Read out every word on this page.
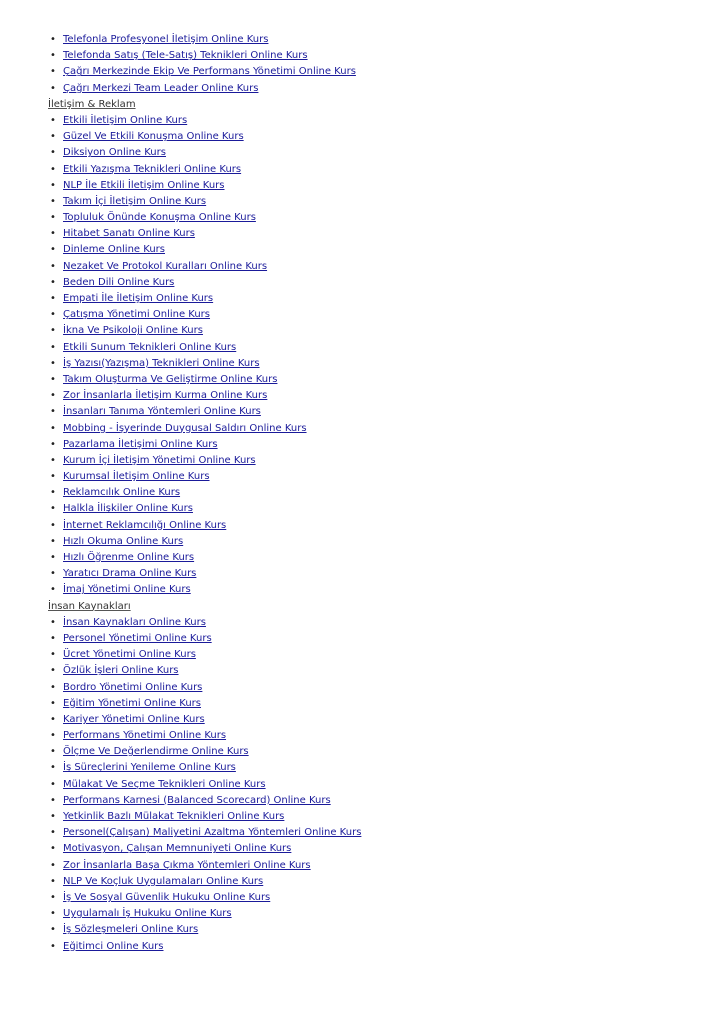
• Telefonla Profesyonel İletişim Online Kurs
• Telefonda Satış (Tele-Satış) Teknikleri Online Kurs
• Çağrı Merkezinde Ekip Ve Performans Yönetimi Online Kurs
• Çağrı Merkezi Team Leader Online Kurs
İletişim & Reklam
• Etkili İletişim Online Kurs
• Güzel Ve Etkili Konuşma Online Kurs
• Diksiyon Online Kurs
• Etkili Yazışma Teknikleri Online Kurs
• NLP İle Etkili İletişim Online Kurs
• Takım İçi İletişim Online Kurs
• Topluluk Önünde Konuşma Online Kurs
• Hitabet Sanatı Online Kurs
• Dinleme Online Kurs
• Nezaket Ve Protokol Kuralları Online Kurs
• Beden Dili Online Kurs
• Empati İle İletişim Online Kurs
• Çatışma Yönetimi Online Kurs
• İkna Ve Psikoloji Online Kurs
• Etkili Sunum Teknikleri Online Kurs
• İş Yazısı(Yazışma) Teknikleri Online Kurs
• Takım Oluşturma Ve Geliştirme Online Kurs
• Zor İnsanlarla İletişim Kurma Online Kurs
• İnsanları Tanıma Yöntemleri Online Kurs
• Mobbing - İşyerinde Duygusal Saldırı Online Kurs
• Pazarlama İletişimi Online Kurs
• Kurum İçi İletişim Yönetimi Online Kurs
• Kurumsal İletişim Online Kurs
• Reklamcılık Online Kurs
• Halkla İlişkiler Online Kurs
• İnternet Reklamcılığı Online Kurs
• Hızlı Okuma Online Kurs
• Hızlı Öğrenme Online Kurs
• Yaratıcı Drama Online Kurs
• İmaj Yönetimi Online Kurs
İnsan Kaynakları
• İnsan Kaynakları Online Kurs
• Personel Yönetimi Online Kurs
• Ücret Yönetimi Online Kurs
• Özlük İşleri Online Kurs
• Bordro Yönetimi Online Kurs
• Eğitim Yönetimi Online Kurs
• Kariyer Yönetimi Online Kurs
• Performans Yönetimi Online Kurs
• Ölçme Ve Değerlendirme Online Kurs
• İş Süreçlerini Yenileme Online Kurs
• Mülakat Ve Seçme Teknikleri Online Kurs
• Performans Karnesi (Balanced Scorecard) Online Kurs
• Yetkinlik Bazlı Mülakat Teknikleri Online Kurs
• Personel(Çalışan) Maliyetini Azaltma Yöntemleri Online Kurs
• Motivasyon, Çalışan Memnuniyeti Online Kurs
• Zor İnsanlarla Başa Çıkma Yöntemleri Online Kurs
• NLP Ve Koçluk Uygulamaları Online Kurs
• İş Ve Sosyal Güvenlik Hukuku Online Kurs
• Uygulamalı İş Hukuku Online Kurs
• İş Sözleşmeleri Online Kurs
• Eğitimci Online Kurs
